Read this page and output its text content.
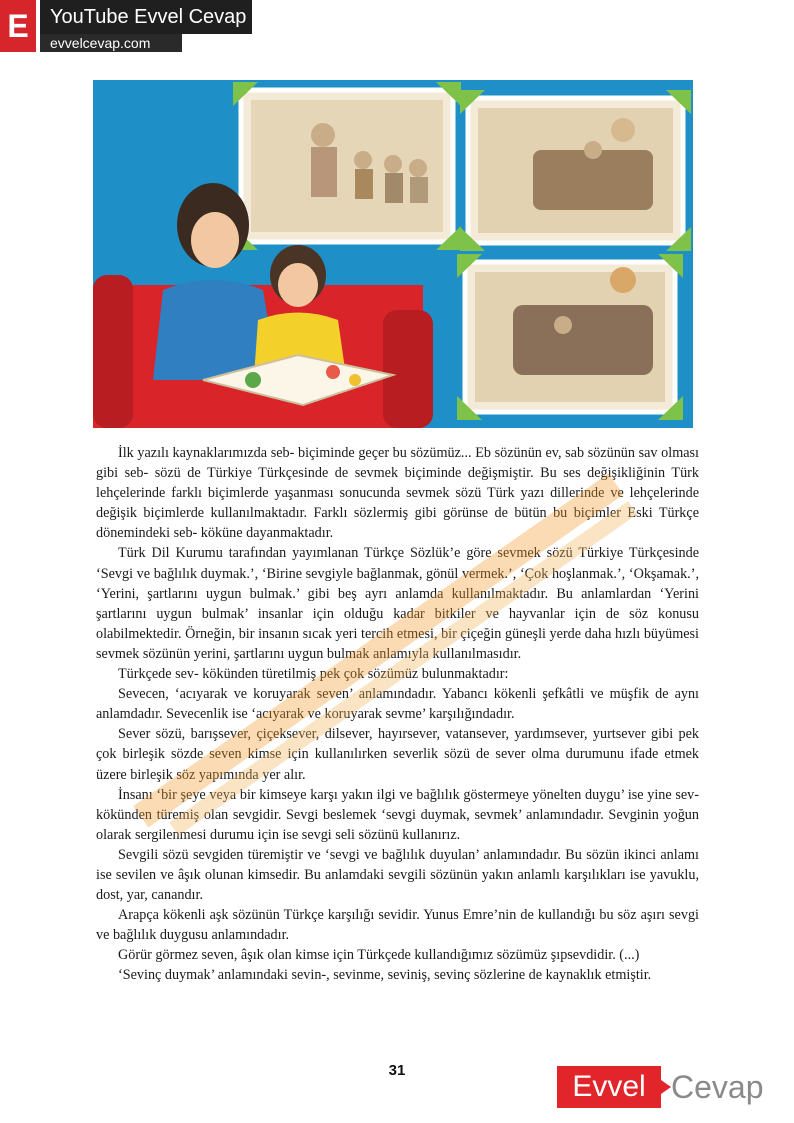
E	YouTube Evvel Cevap
evvelcevap.com

İlk yazılı kaynaklarımızda seb- biçiminde geçer bu sözümüz... Eb sözünün ev, sab sözünün sav olması gibi seb- sözü de Türkiye Türkçesinde de sevmek biçiminde değişmiştir. Bu ses değişikliğinin Türk lehçelerinde farklı biçimlerde yaşanması sonucunda sevmek sözü Türk yazı dillerinde ve lehçelerinde değişik biçimlerde kullanılmaktadır. Farklı sözlermiş gibi görünse de bütün bu biçimler Eski Türkçe dönemindeki seb- köküne dayanmaktadır.

Türk Dil Kurumu tarafından yayımlanan Türkçe Sözlük’e göre sevmek sözü Türkiye Türkçesinde ‘Sevgi ve bağlılık duymak.’, ‘Birine sevgiyle bağlanmak, gönül vermek.’, ‘Çok hoşlanmak.’, ‘Okşamak.’, ‘Yerini, şartlarını uygun bulmak.’ gibi beş ayrı anlamda kullanılmaktadır. Bu anlamlardan ‘Yerini şartlarını uygun bulmak’ insanlar için olduğu kadar bitkiler ve hayvanlar için de söz konusu olabilmektedir. Örneğin, bir insanın sıcak yeri tercih etmesi, bir çiçeğin güneşli yerde daha hızlı büyümesi sevmek sözünün yerini, şartlarını uygun bulmak anlamıyla kullanılmasıdır.

Türkçede sev- kökünden türetilmiş pek çok sözümüz bulunmaktadır:

Sevecen, ‘acıyarak ve koruyarak seven’ anlamındadır. Yabancı kökenli şefkâtli ve müşfik de aynı anlamdadır. Sevecenlik ise ‘acıyarak ve koruyarak sevme’ karşılığındadır.

Sever sözü, barışsever, çiçeksever, dilsever, hayırsever, vatansever, yardımsever, yurtsever gibi pek çok birleşik sözde seven kimse için kullanılırken severlik sözü de sever olma durumunu ifade etmek üzere birleşik söz yapımında yer alır.

İnsanı ‘bir şeye veya bir kimseye karşı yakın ilgi ve bağlılık göstermeye yönelten duygu’ ise yine sev- kökünden türemiş olan sevgidir. Sevgi beslemek ‘sevgi duymak, sevmek’ anlamındadır. Sevginin yoğun olarak sergilenmesi durumu için ise sevgi seli sözünü kullanırız.

Sevgili sözü sevgiden türemiştir ve ‘sevgi ve bağlılık duyulan’ anlamındadır. Bu sözün ikinci anlamı ise sevilen ve âşık olunan kimsedir. Bu anlamdaki sevgili sözünün yakın anlamlı karşılıkları ise yavuklu, dost, yar, canandır.

Arapça kökenli aşk sözünün Türkçe karşılığı sevidir. Yunus Emre’nin de kullandığı bu söz aşırı sevgi ve bağlılık duygusu anlamındadır.

Görür görmez seven, âşık olan kimse için Türkçede kullandığımız sözümüz şıpsevdidir. (...)

‘Sevinç duymak’ anlamındaki sevin-, sevinme, seviniş, sevinç sözlerine de kaynaklık etmiştir.

31	Evvel Cevap
